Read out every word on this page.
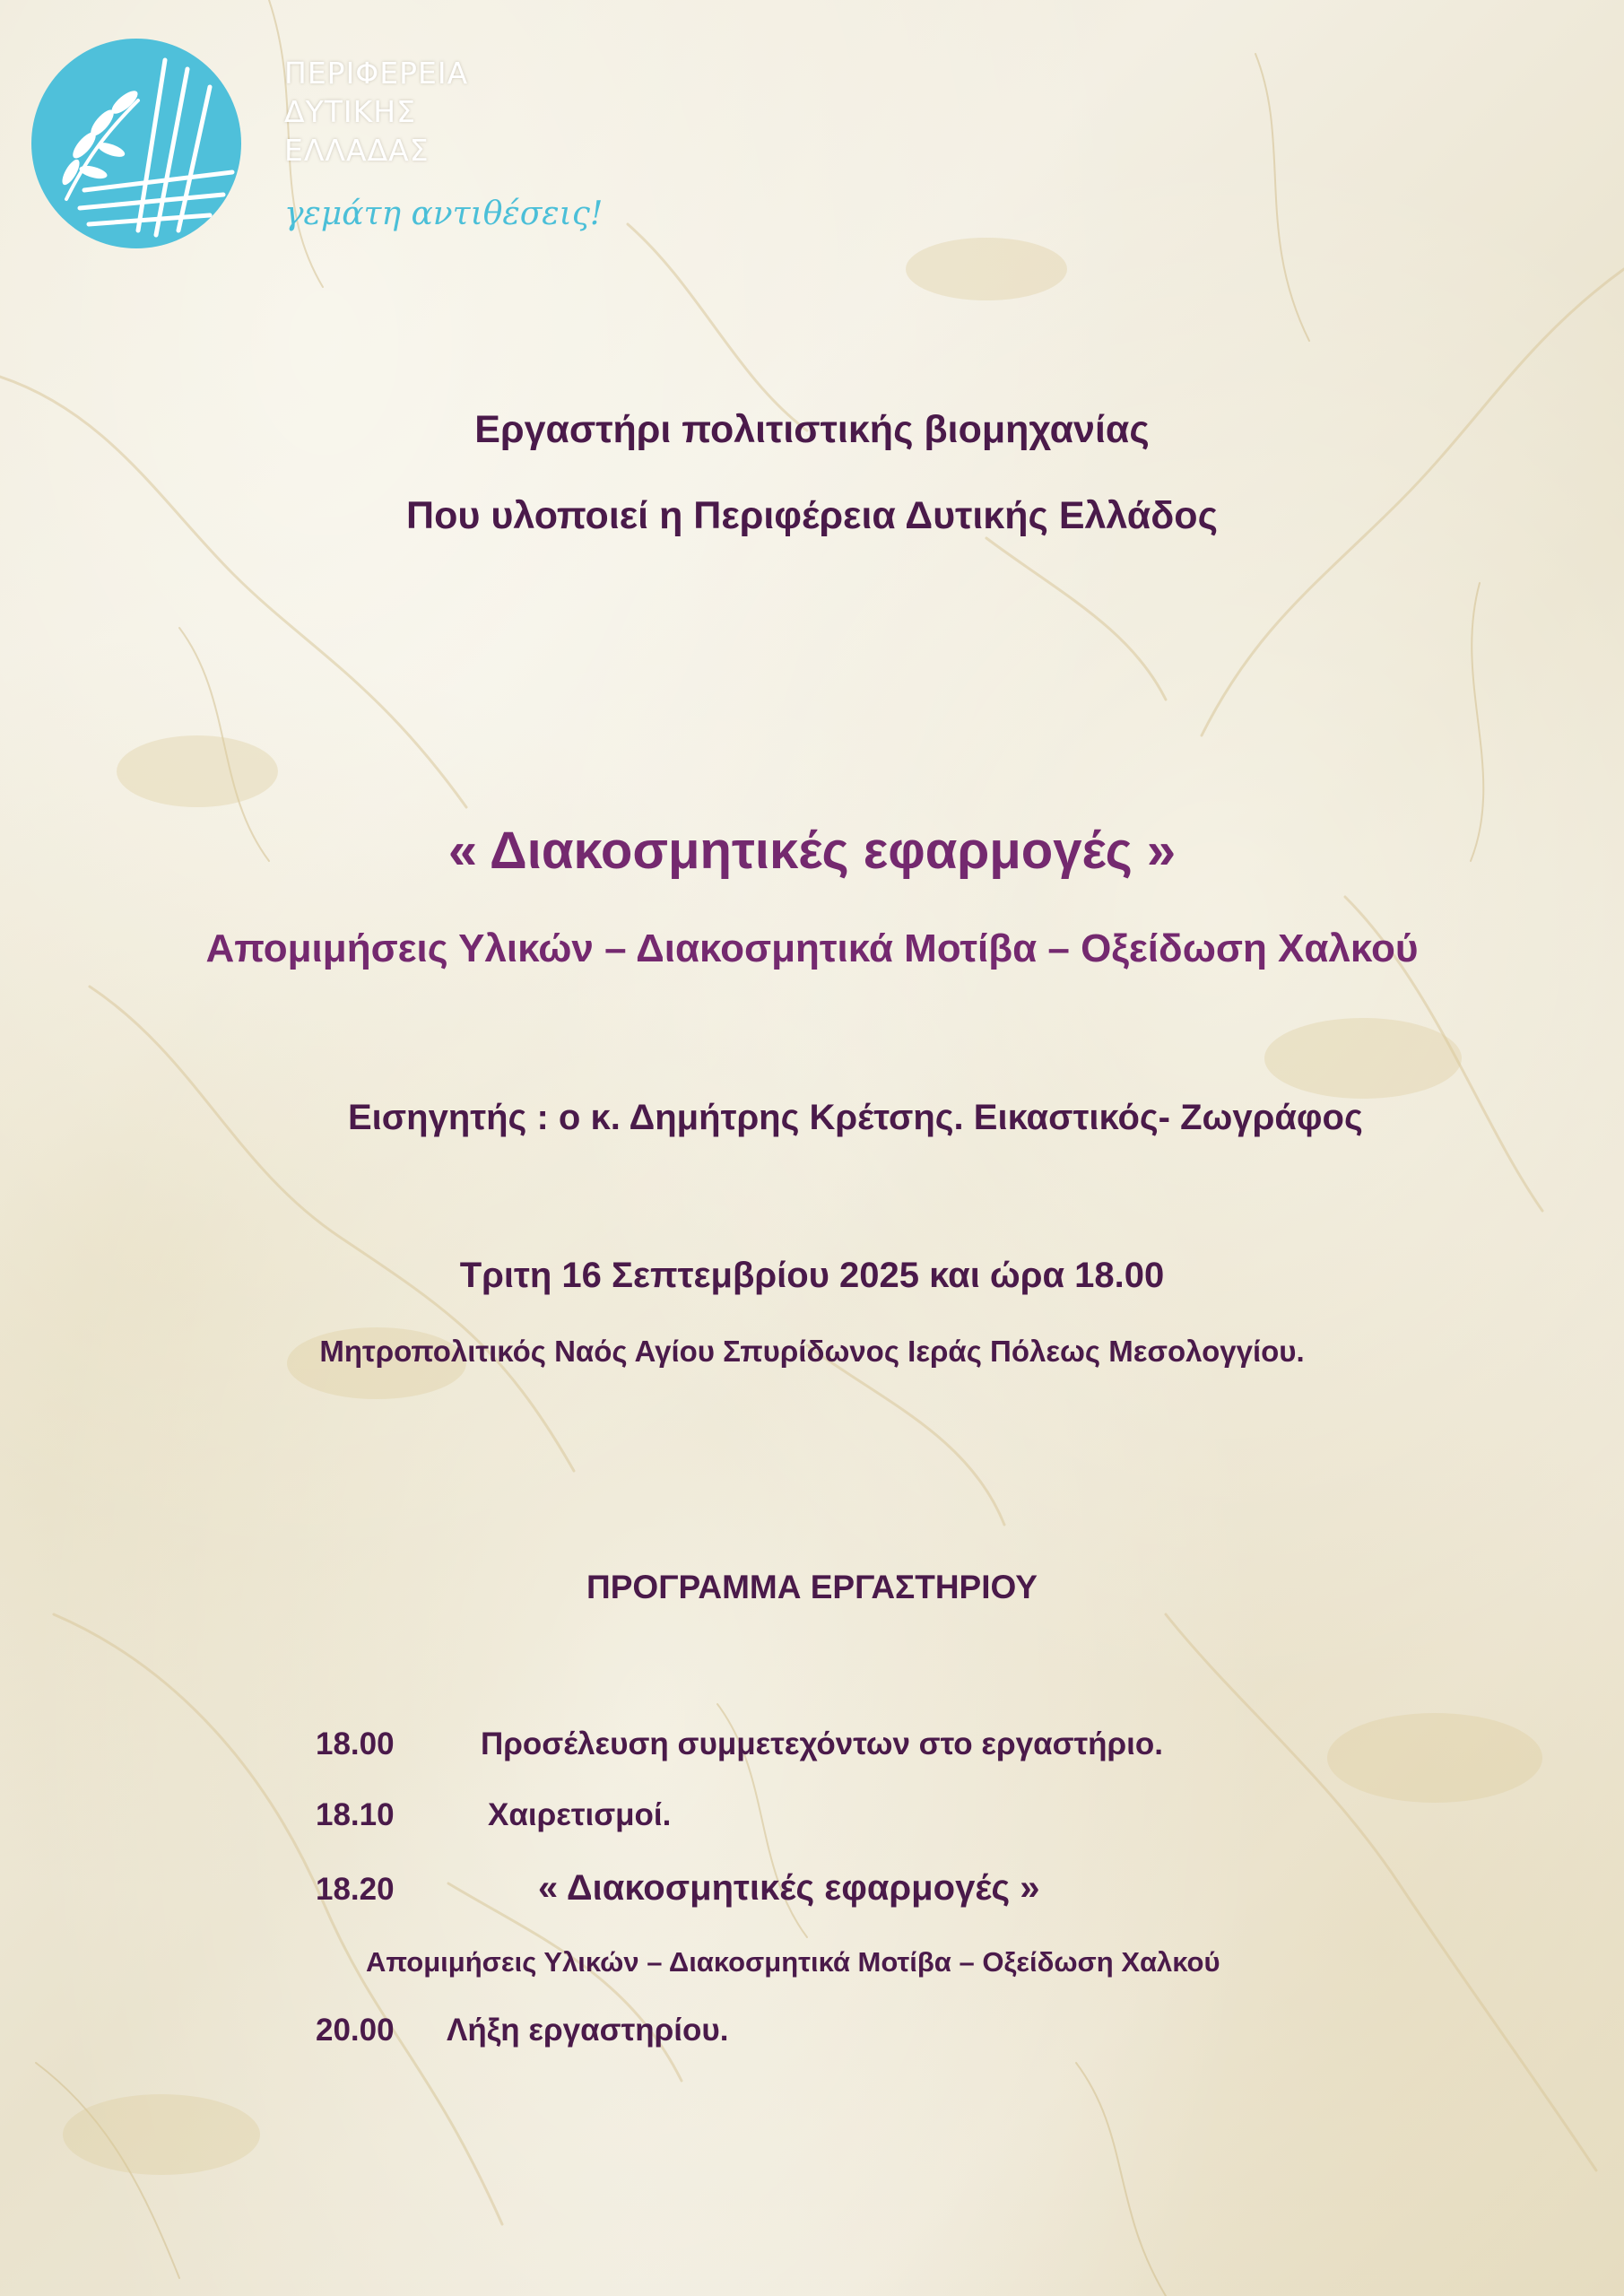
ΠΕΡΙΦΕΡΕΙΑ
ΔΥΤΙΚΗΣ
ΕΛΛΑΔΑΣ
γεμάτη αντιθέσεις!
Εργαστήρι πολιτιστικής βιομηχανίας
Που υλοποιεί η Περιφέρεια Δυτικής Ελλάδος
« Διακοσμητικές εφαρμογές »
Απομιμήσεις Υλικών – Διακοσμητικά Μοτίβα – Οξείδωση Χαλκού
Εισηγητής : ο κ. Δημήτρης Κρέτσης. Εικαστικός- Ζωγράφος
Τριτη 16 Σεπτεμβρίου 2025 και ώρα 18.00
Μητροπολιτικός Ναός Αγίου Σπυρίδωνος Ιεράς Πόλεως Μεσολογγίου.
ΠΡΟΓΡΑΜΜΑ ΕΡΓΑΣΤΗΡΙΟΥ
18.00	Προσέλευση συμμετεχόντων στο εργαστήριο.
18.10	Χαιρετισμοί.
18.20	« Διακοσμητικές εφαρμογές »
Απομιμήσεις Υλικών – Διακοσμητικά Μοτίβα – Οξείδωση Χαλκού
20.00 Λήξη εργαστηρίου.
